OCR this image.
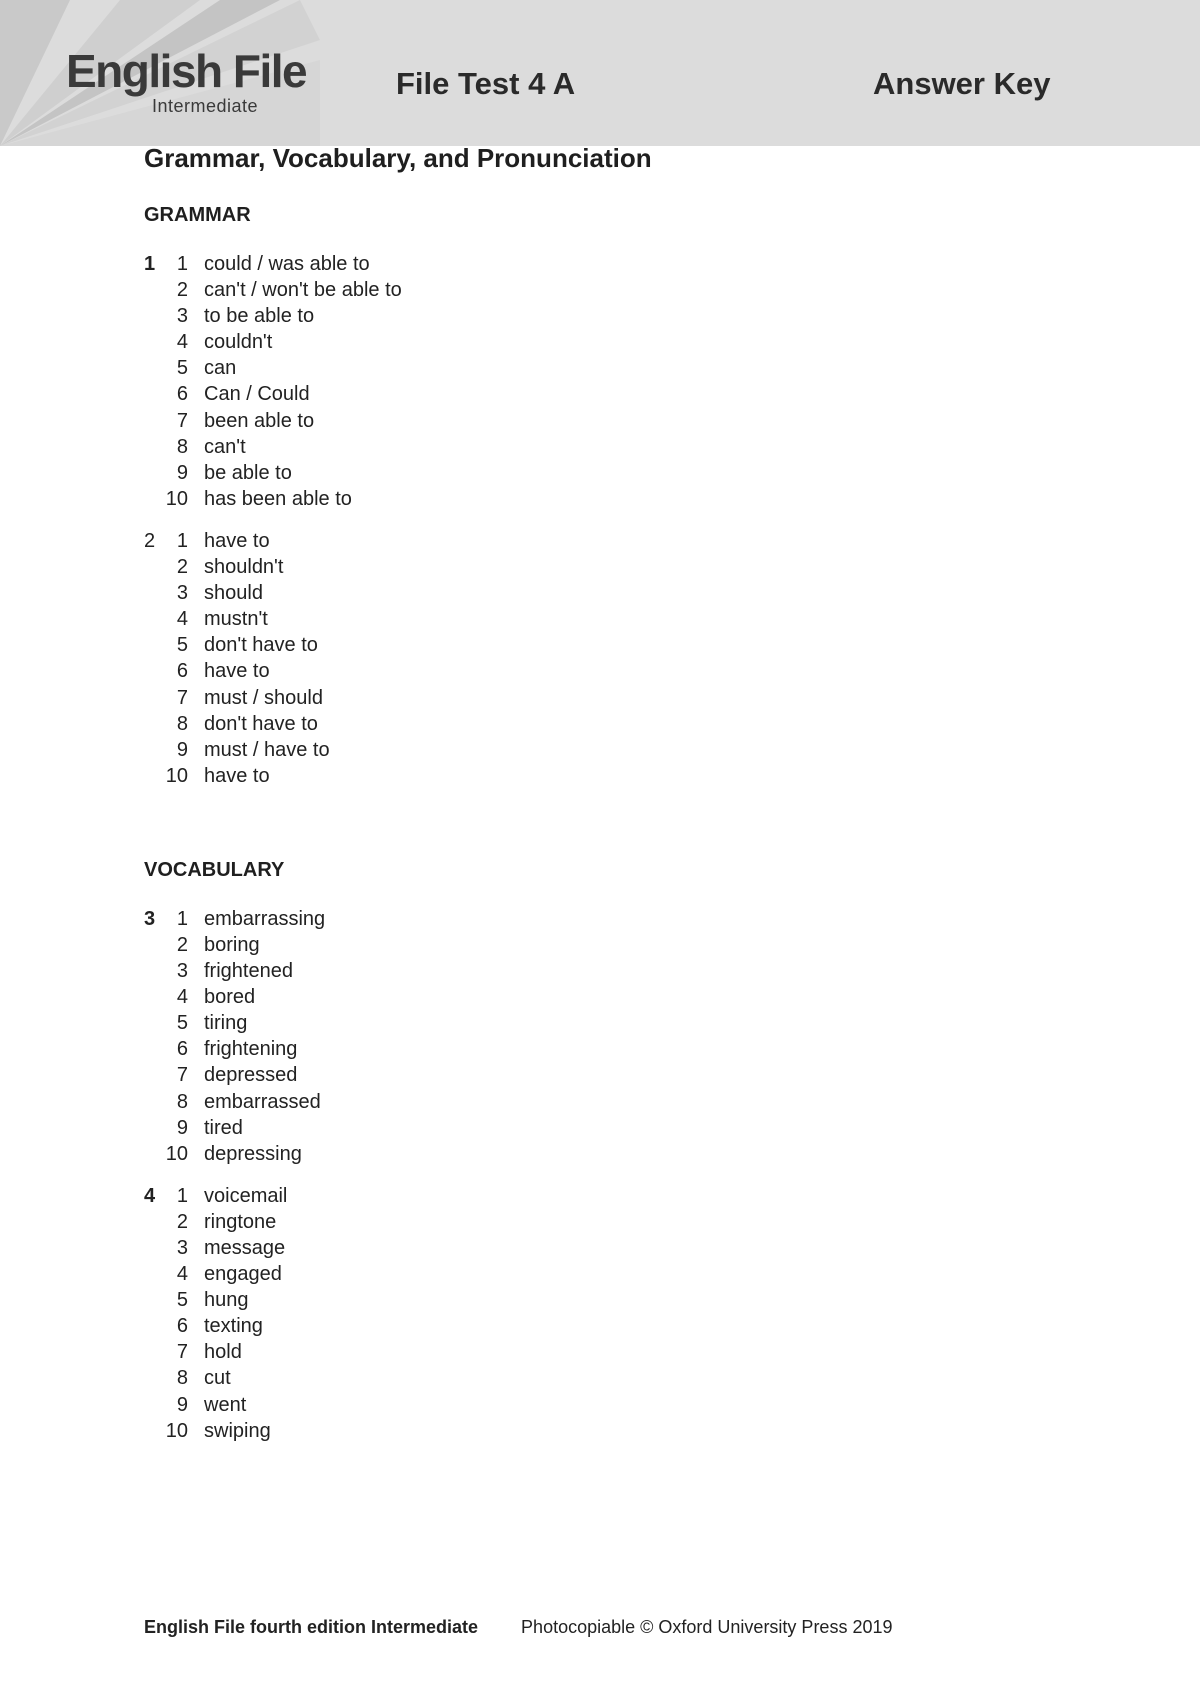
English File
Intermediate
File Test 4 A	Answer Key
Grammar, Vocabulary, and Pronunciation
GRAMMAR
1	1 could / was able to
2 can't / won't be able to
3 to be able to
4 couldn't
5 can
6 Can / Could
7 been able to
8 can't
9 be able to
10 has been able to
2	1 have to
2 shouldn't
3 should
4 mustn't
5 don't have to
6 have to
7 must / should
8 don't have to
9 must / have to
10 have to
VOCABULARY
3	1 embarrassing
2 boring
3 frightened
4 bored
5 tiring
6 frightening
7 depressed
8 embarrassed
9 tired
10 depressing
4	1 voicemail
2 ringtone
3 message
4 engaged
5 hung
6 texting
7 hold
8 cut
9 went
10 swiping
English File fourth edition Intermediate Photocopiable © Oxford University Press 2019
